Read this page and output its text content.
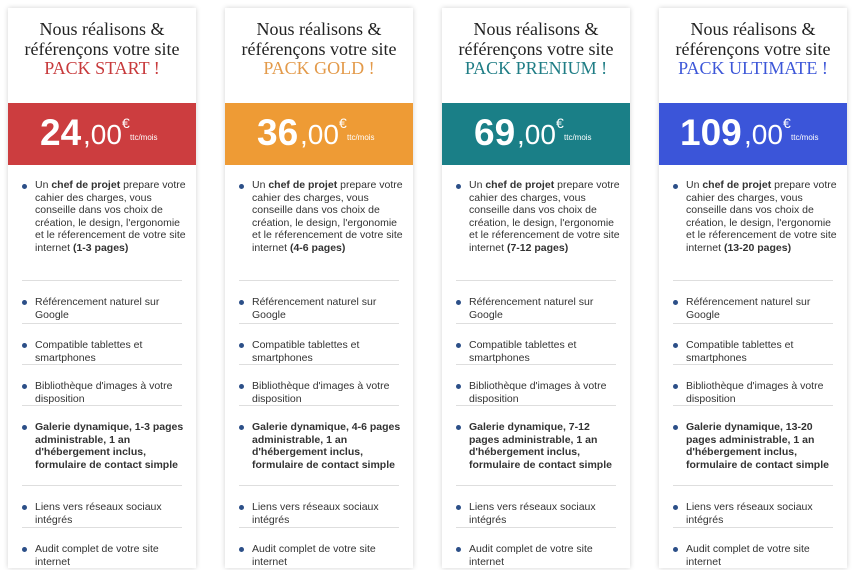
Nous réalisons &
référençons votre site
PACK START !
24 ,00 €
ttc/mois
Un chef de projet prepare votre cahier des charges, vous conseille dans vos choix de création, le design, l'ergonomie et le réferencement de votre site internet (1-3 pages)
Référencement naturel sur Google
Compatible tablettes et smartphones
Bibliothèque d'images à votre disposition
Galerie dynamique, 1-3 pages administrable, 1 an d'hébergement inclus, formulaire de contact simple
Liens vers réseaux sociaux intégrés
Audit complet de votre site internet
Nous réalisons &
référençons votre site
PACK GOLD !
36 ,00 €
ttc/mois
Un chef de projet prepare votre cahier des charges, vous conseille dans vos choix de création, le design, l'ergonomie et le réferencement de votre site internet (4-6 pages)
Référencement naturel sur Google
Compatible tablettes et smartphones
Bibliothèque d'images à votre disposition
Galerie dynamique, 4-6 pages administrable, 1 an d'hébergement inclus, formulaire de contact simple
Liens vers réseaux sociaux intégrés
Audit complet de votre site internet
Nous réalisons &
référençons votre site
PACK PRENIUM !
69 ,00 €
ttc/mois
Un chef de projet prepare votre cahier des charges, vous conseille dans vos choix de création, le design, l'ergonomie et le réferencement de votre site internet (7-12 pages)
Référencement naturel sur Google
Compatible tablettes et smartphones
Bibliothèque d'images à votre disposition
Galerie dynamique, 7-12 pages administrable, 1 an d'hébergement inclus, formulaire de contact simple
Liens vers réseaux sociaux intégrés
Audit complet de votre site internet
Nous réalisons &
référençons votre site
PACK ULTIMATE !
109 ,00 €
ttc/mois
Un chef de projet prepare votre cahier des charges, vous conseille dans vos choix de création, le design, l'ergonomie et le réferencement de votre site internet (13-20 pages)
Référencement naturel sur Google
Compatible tablettes et smartphones
Bibliothèque d'images à votre disposition
Galerie dynamique, 13-20 pages administrable, 1 an d'hébergement inclus, formulaire de contact simple
Liens vers réseaux sociaux intégrés
Audit complet de votre site internet
